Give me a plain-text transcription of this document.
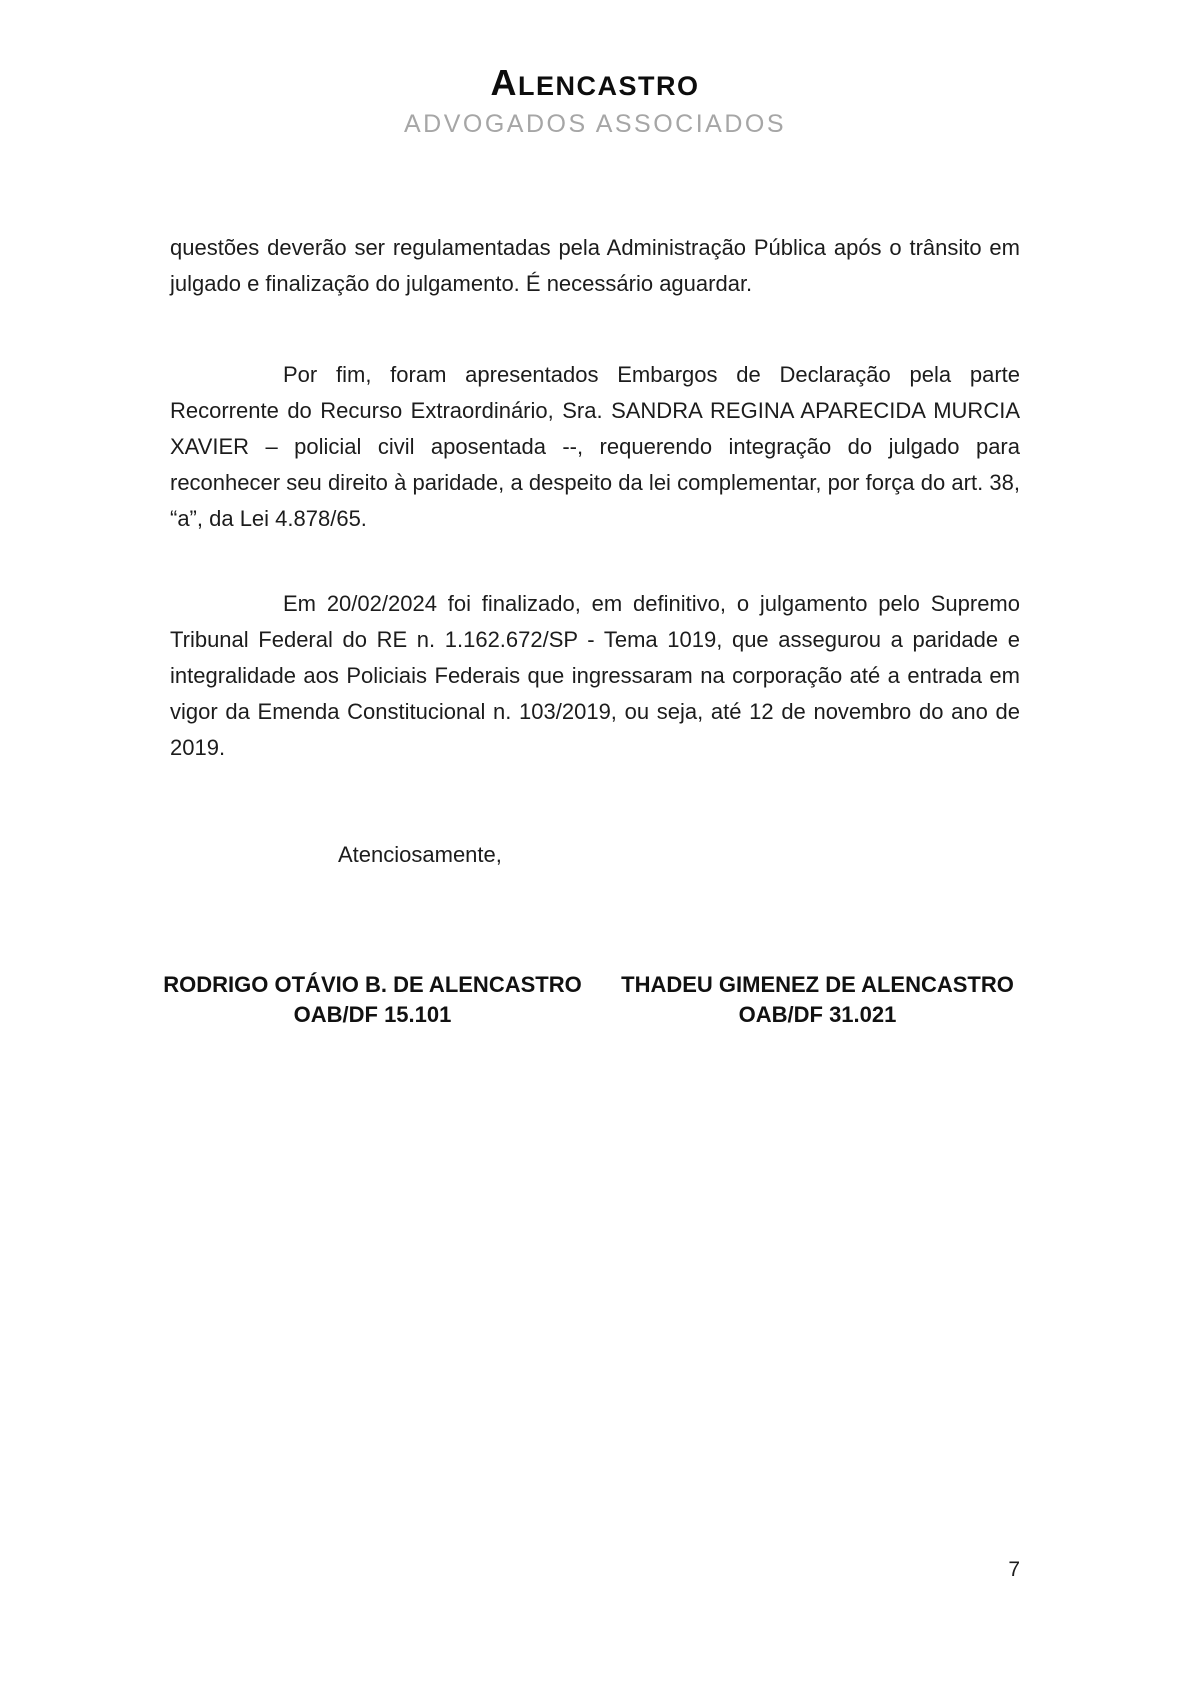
ALENCASTRO
ADVOGADOS ASSOCIADOS

questões deverão ser regulamentadas pela Administração Pública após o trânsito em julgado e finalização do julgamento. É necessário aguardar.

Por fim, foram apresentados Embargos de Declaração pela parte Recorrente do Recurso Extraordinário, Sra. SANDRA REGINA APARECIDA MURCIA XAVIER – policial civil aposentada --, requerendo integração do julgado para reconhecer seu direito à paridade, a despeito da lei complementar, por força do art. 38, “a”, da Lei 4.878/65.

Em 20/02/2024 foi finalizado, em definitivo, o julgamento pelo Supremo Tribunal Federal do RE n. 1.162.672/SP - Tema 1019, que assegurou a paridade e integralidade aos Policiais Federais que ingressaram na corporação até a entrada em vigor da Emenda Constitucional n. 103/2019, ou seja, até 12 de novembro do ano de 2019.

Atenciosamente,
RODRIGO OTÁVIO B. DE ALENCASTRO
OAB/DF 15.101
THADEU GIMENEZ DE ALENCASTRO
OAB/DF 31.021
7
